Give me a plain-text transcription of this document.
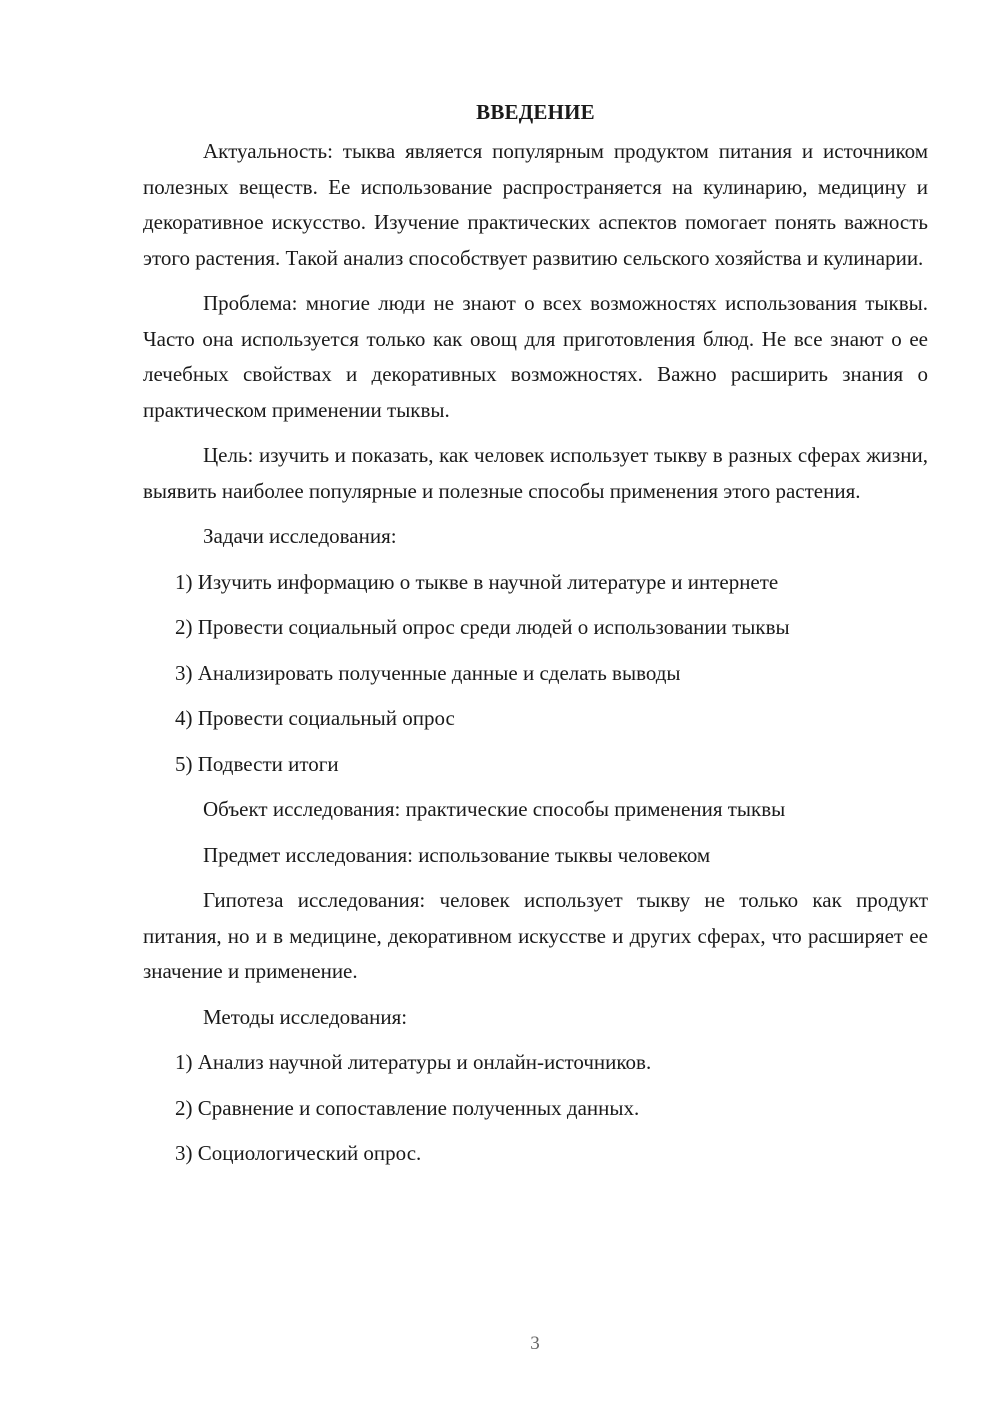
ВВЕДЕНИЕ

Актуальность: тыква является популярным продуктом питания и источником полезных веществ. Ее использование распространяется на кулинарию, медицину и декоративное искусство. Изучение практических аспектов помогает понять важность этого растения. Такой анализ способствует развитию сельского хозяйства и кулинарии.

Проблема: многие люди не знают о всех возможностях использования тыквы. Часто она используется только как овощ для приготовления блюд. Не все знают о ее лечебных свойствах и декоративных возможностях. Важно расширить знания о практическом применении тыквы.

Цель: изучить и показать, как человек использует тыкву в разных сферах жизни, выявить наиболее популярные и полезные способы применения этого растения.

Задачи исследования:
1) Изучить информацию о тыкве в научной литературе и интернете
2) Провести социальный опрос среди людей о использовании тыквы
3) Анализировать полученные данные и сделать выводы
4) Провести социальный опрос
5) Подвести итоги
Объект исследования: практические способы применения тыквы
Предмет исследования: использование тыквы человеком

Гипотеза исследования: человек использует тыкву не только как продукт питания, но и в медицине, декоративном искусстве и других сферах, что расширяет ее значение и применение.

Методы исследования:
1) Анализ научной литературы и онлайн-источников.
2) Сравнение и сопоставление полученных данных.
3) Социологический опрос.
3
